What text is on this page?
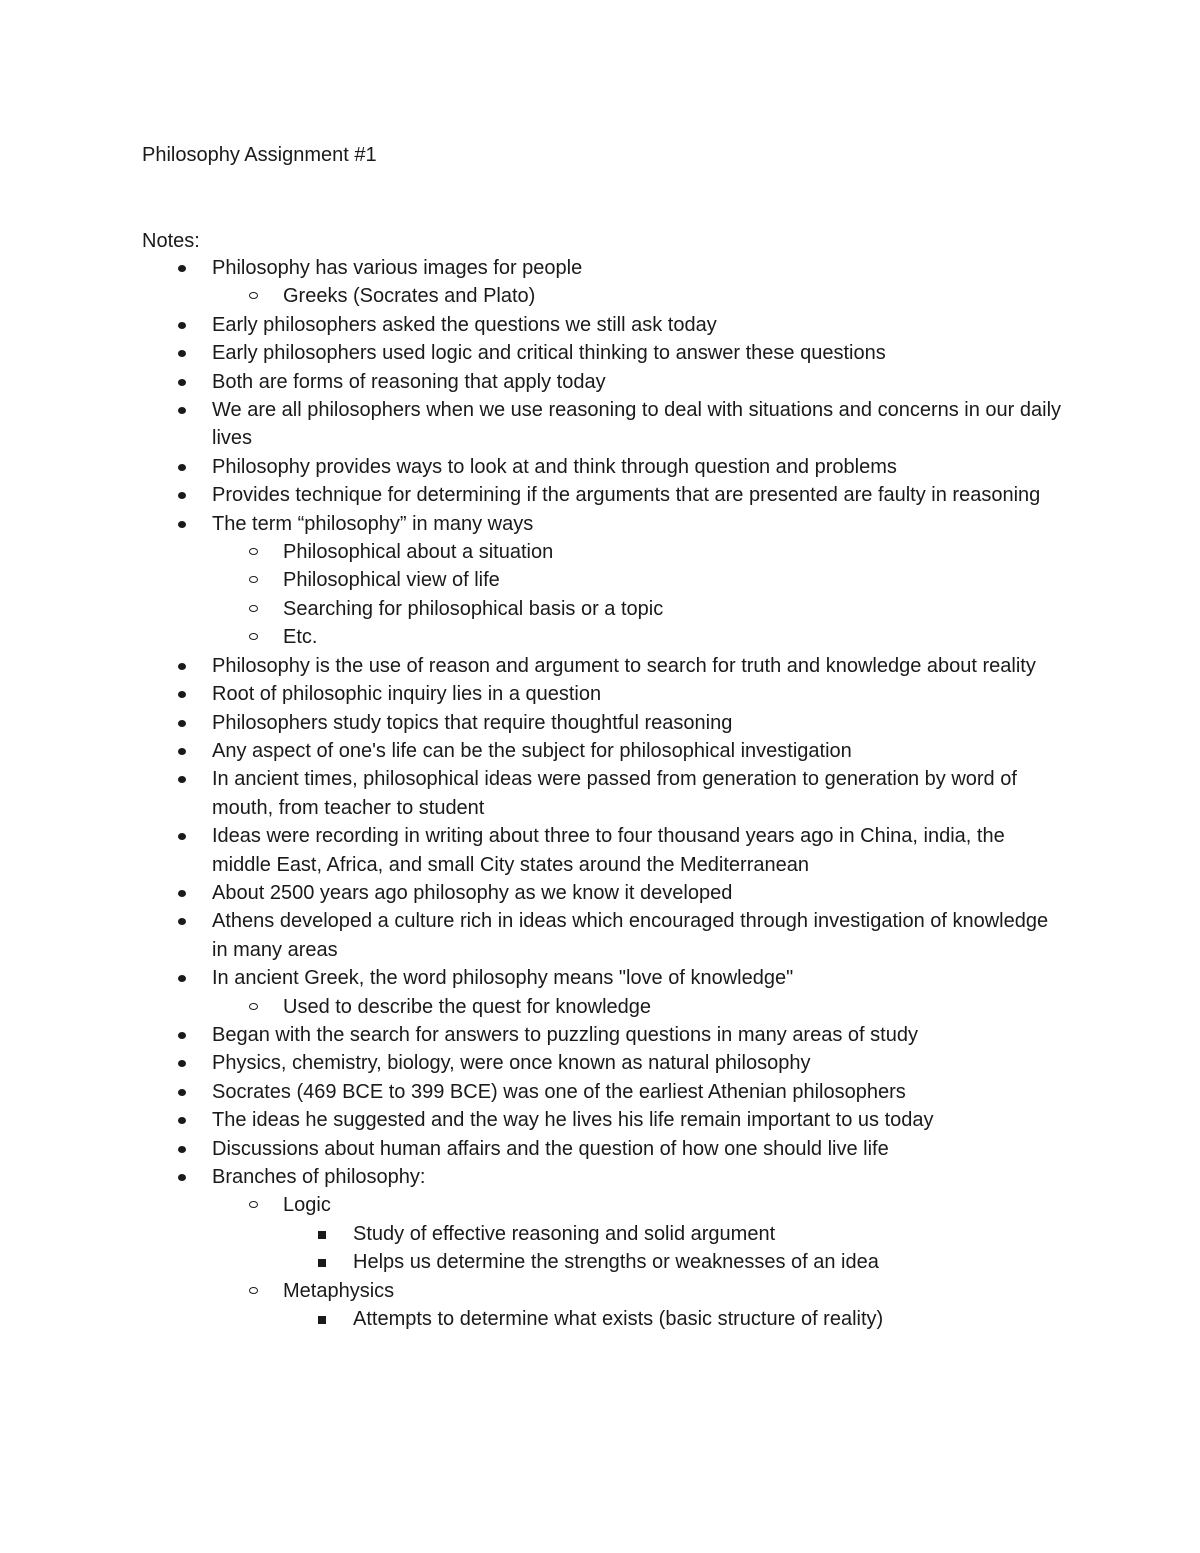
Philosophy Assignment #1
Notes:
Philosophy has various images for people
Greeks (Socrates and Plato)
Early philosophers asked the questions we still ask today
Early philosophers used logic and critical thinking to answer these questions
Both are forms of reasoning that apply today
We are all philosophers when we use reasoning to deal with situations and concerns in our daily lives
Philosophy provides ways to look at and think through question and problems
Provides technique for determining if the arguments that are presented are faulty in reasoning
The term “philosophy” in many ways
Philosophical about a situation
Philosophical view of life
Searching for philosophical basis or a topic
Etc.
Philosophy is the use of reason and argument to search for truth and knowledge about reality
Root of philosophic inquiry lies in a question
Philosophers study topics that require thoughtful reasoning
Any aspect of one's life can be the subject for philosophical investigation
In ancient times, philosophical ideas were passed from generation to generation by word of mouth, from teacher to student
Ideas were recording in writing about three to four thousand years ago in China, india, the middle East, Africa, and small City states around the Mediterranean
About 2500 years ago philosophy as we know it developed
Athens developed a culture rich in ideas which encouraged through investigation of knowledge in many areas
In ancient Greek, the word philosophy means "love of knowledge"
Used to describe the quest for knowledge
Began with the search for answers to puzzling questions in many areas of study
Physics, chemistry, biology, were once known as natural philosophy
Socrates (469 BCE to 399 BCE) was one of the earliest Athenian philosophers
The ideas he suggested and the way he lives his life remain important to us today
Discussions about human affairs and the question of how one should live life
Branches of philosophy:
Logic
Study of effective reasoning and solid argument
Helps us determine the strengths or weaknesses of an idea
Metaphysics
Attempts to determine what exists (basic structure of reality)
